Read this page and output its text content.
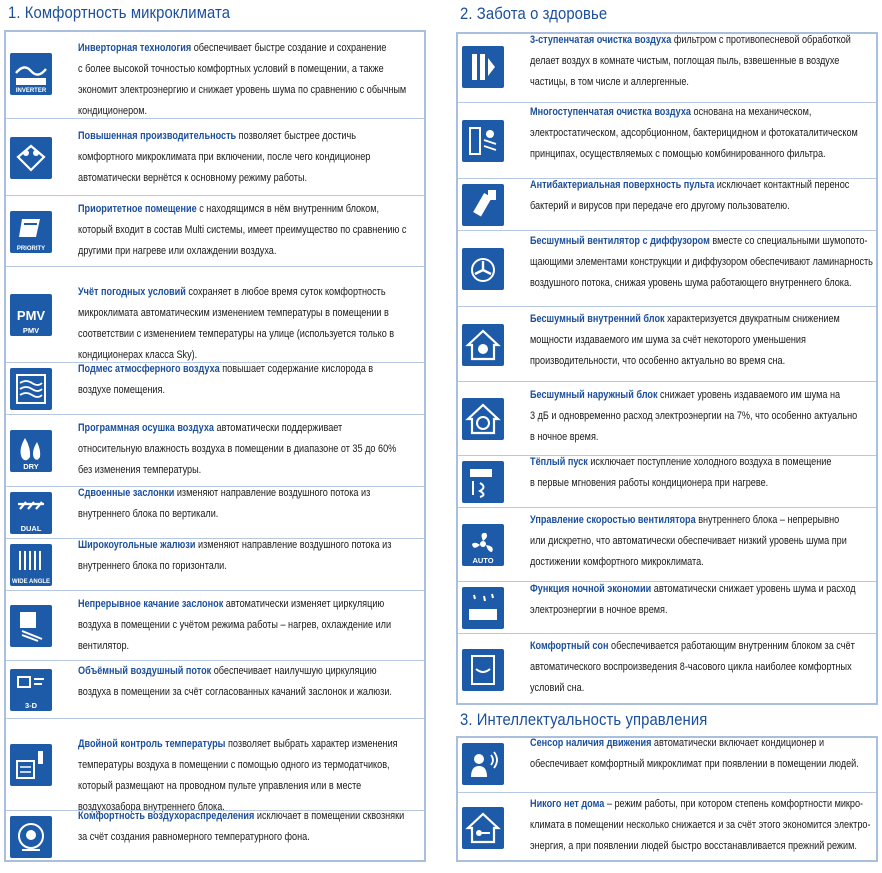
1. Комфортность микроклимата
INVERTER
Инверторная технология обеспечивает быстре создание и сохранение
с более высокой точностью комфортных условий в помещении, а также
экономит электроэнергию и снижает уровень шума по сравнению с обычным
кондиционером.
Повышенная производительность позволяет быстрее достичь
комфортного микроклимата при включении, после чего кондиционер
автоматически вернётся к основному режиму работы.
PRIORITY
Приоритетное помещение с находящимся в нём внутренним блоком,
который входит в состав Multi системы, имеет преимущество по сравнению с
другими при нагреве или охлаждении воздуха.
PMV
PMV
Учёт погодных условий сохраняет в любое время суток комфортность
микроклимата автоматическим изменением температуры в помещении в
соответствии с изменением температуры на улице (используется только в
кондиционерах класса Sky).
Подмес атмосферного воздуха повышает содержание кислорода в
воздухе помещения.
DRY
Программная осушка воздуха автоматически поддерживает
относительную влажность воздуха в помещении в диапазоне от 35 до 60%
без изменения температуры.
DUAL
Сдвоенные заслонки изменяют направление воздушного потока из
внутреннего блока по вертикали.
WIDE ANGLE
Широкоугольные жалюзи изменяют направление воздушного потока из
внутреннего блока по горизонтали.
Непрерывное качание заслонок автоматически изменяет циркуляцию
воздуха в помещении с учётом режима работы – нагрев, охлаждение или
вентилятор.
3-D
Объёмный воздушный поток обеспечивает наилучшую циркуляцию
воздуха в помещении за счёт согласованных качаний заслонок и жалюзи.
Двойной контроль температуры позволяет выбрать характер изменения
температуры воздуха в помещении с помощью одного из термодатчиков,
который размещают на проводном пульте управления или в месте
воздухозабора внутреннего блока.
Комфортность воздухораспределения исключает в помещении сквозняки
за счёт создания равномерного температурного фона.
2. Забота о здоровье
3-ступенчатая очистка воздуха фильтром с противопесневой обработкой
делает воздух в комнате чистым, поглощая пыль, взвешенные в воздухе
частицы, в том числе и аллергенные.
Многоступенчатая очистка воздуха основана на механическом,
электростатическом, адсорбционном, бактерицидном и фотокаталитическом
принципах, осуществляемых с помощью комбинированного фильтра.
Антибактериальная поверхность пульта исключает контактный перенос
бактерий и вирусов при передаче его другому пользователю.
Бесшумный вентилятор с диффузором вместе со специальными шумопото-
щающими элементами конструкции и диффузором обеспечивают ламинарность
воздушного потока, снижая уровень шума работающего внутреннего блока.
Бесшумный внутренний блок характеризуется двукратным снижением
мощности издаваемого им шума за счёт некоторого уменьшения
производительности, что особенно актуально во время сна.
Бесшумный наружный блок снижает уровень издаваемого им шума на
3 дБ и одновременно расход электроэнергии на 7%, что особенно актуально
в ночное время.
Тёплый пуск исключает поступление холодного воздуха в помещение
в первые мгновения работы кондиционера при нагреве.
AUTO
Управление скоростью вентилятора внутреннего блока – непрерывно
или дискретно, что автоматически обеспечивает низкий уровень шума при
достижении комфортного микроклимата.
Функция ночной экономии автоматически снижает уровень шума и расход
электроэнергии в ночное время.
Комфортный сон обеспечивается работающим внутренним блоком за счёт
автоматического воспроизведения 8-часового цикла наиболее комфортных
условий сна.
3. Интеллектуальность управления
Сенсор наличия движения автоматически включает кондиционер и
обеспечивает комфортный микроклимат при появлении в помещении людей.
Никого нет дома – режим работы, при котором степень комфортности микро-
климата в помещении несколько снижается и за счёт этого экономится электро-
энергия, а при появлении людей быстро восстанавливается прежний режим.
